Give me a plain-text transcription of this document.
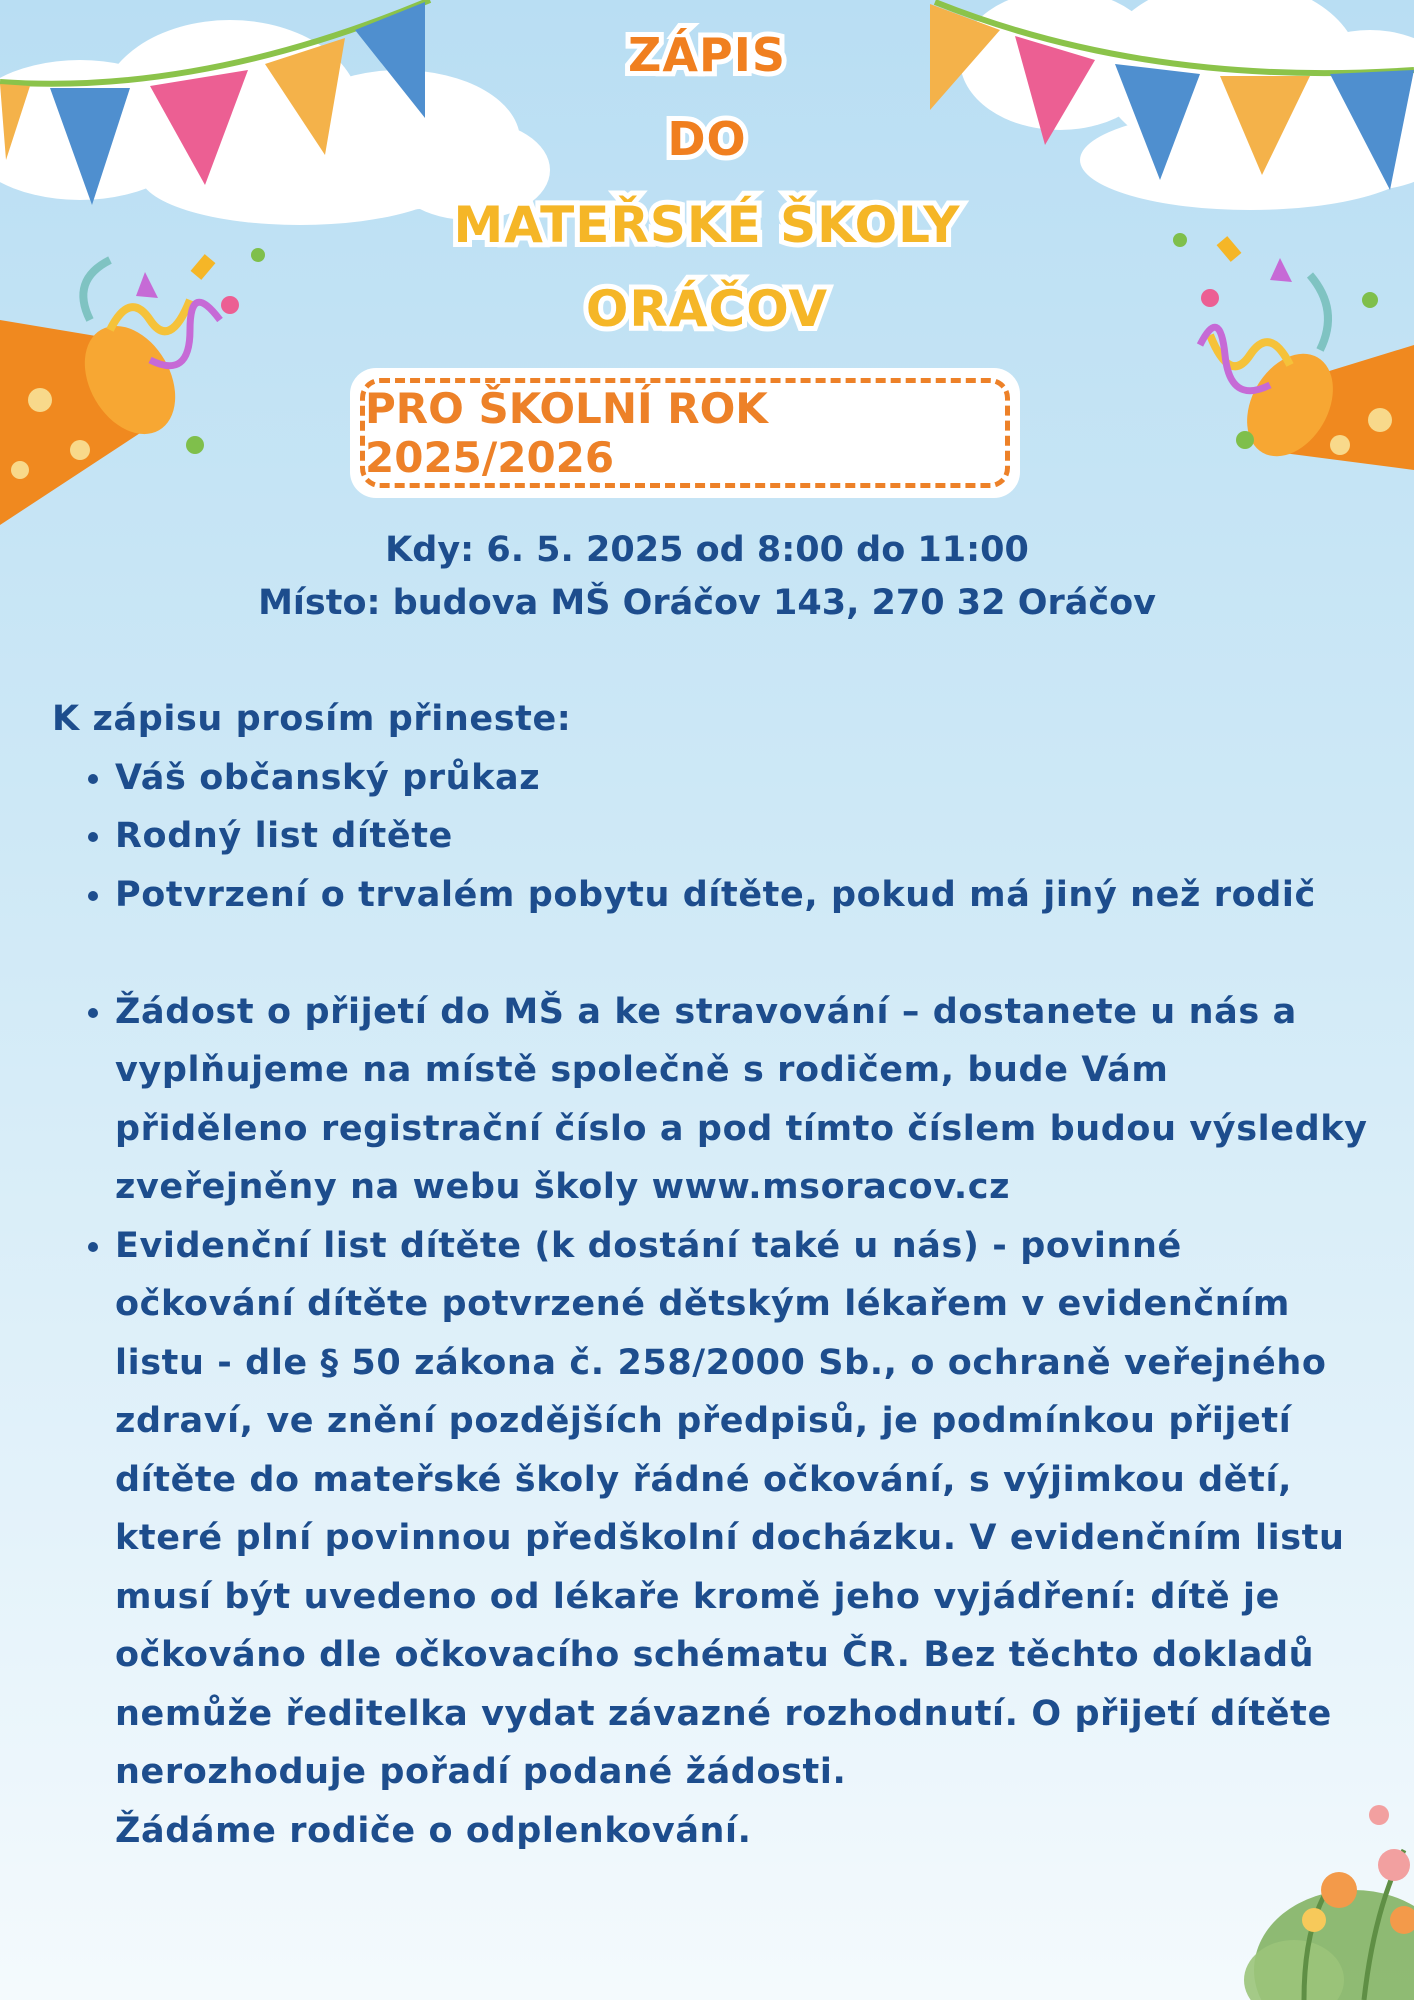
ZÁPIS
DO
MATEŘSKÉ ŠKOLY
ORÁČOV
PRO ŠKOLNÍ ROK 2025/2026
Kdy: 6. 5. 2025 od 8:00 do 11:00
Místo: budova MŠ Oráčov 143, 270 32 Oráčov

K zápisu prosím přineste:

• Váš občanský průkaz
• Rodný list dítěte
• Potvrzení o trvalém pobytu dítěte, pokud má jiný než rodič
• Žádost o přijetí do MŠ a ke stravování – dostanete u nás a vyplňujeme na místě společně s rodičem, bude Vám přiděleno registrační číslo a pod tímto číslem budou výsledky zveřejněny na webu školy www.msoracov.cz
• Evidenční list dítěte (k dostání také u nás) - povinné očkování dítěte potvrzené dětským lékařem v evidenčním listu - dle § 50 zákona č. 258/2000 Sb., o ochraně veřejného zdraví, ve znění pozdějších předpisů, je podmínkou přijetí dítěte do mateřské školy řádné očkování, s výjimkou dětí, které plní povinnou předškolní docházku. V evidenčním listu musí být uvedeno od lékaře kromě jeho vyjádření: dítě je očkováno dle očkovacího schématu ČR. Bez těchto dokladů nemůže ředitelka vydat závazné rozhodnutí. O přijetí dítěte nerozhoduje pořadí podané žádosti.

Žádáme rodiče o odplenkování.
